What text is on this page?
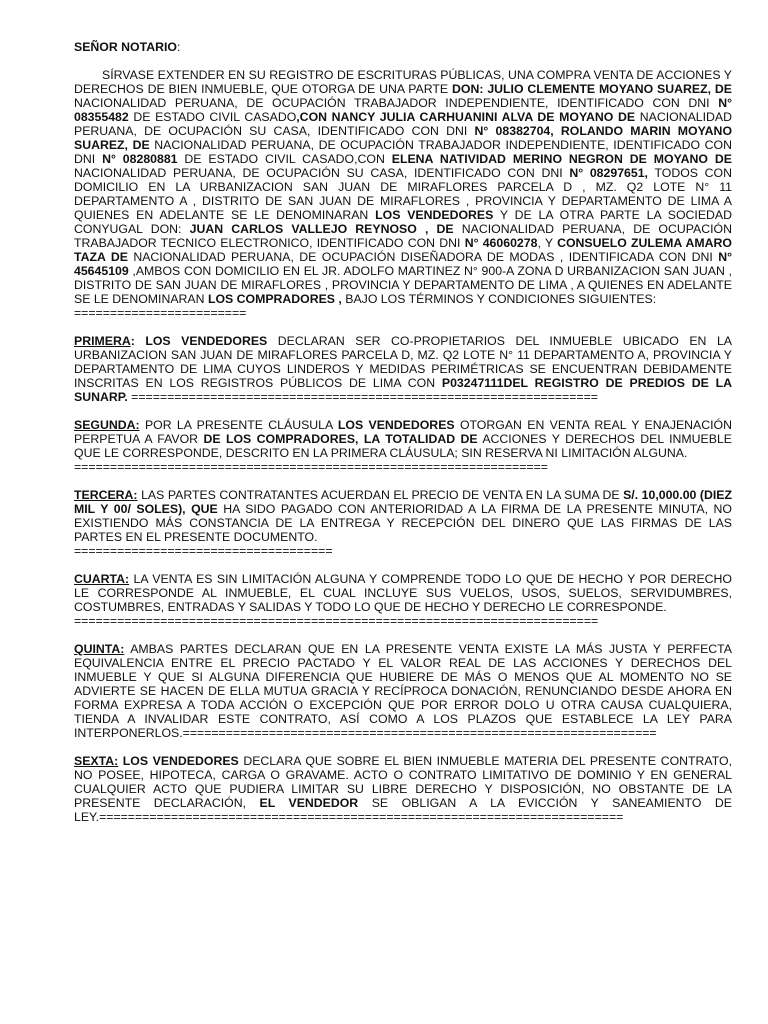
SEÑOR NOTARIO:

SÍRVASE EXTENDER EN SU REGISTRO DE ESCRITURAS PÚBLICAS, UNA COMPRA VENTA DE ACCIONES Y DERECHOS DE BIEN INMUEBLE, QUE OTORGA DE UNA PARTE DON: JULIO CLEMENTE MOYANO SUAREZ, DE NACIONALIDAD PERUANA, DE OCUPACIÓN TRABAJADOR INDEPENDIENTE, IDENTIFICADO CON DNI N° 08355482 DE ESTADO CIVIL CASADO,CON NANCY JULIA CARHUANINI ALVA DE MOYANO DE NACIONALIDAD PERUANA, DE OCUPACIÓN SU CASA, IDENTIFICADO CON DNI N° 08382704, ROLANDO MARIN MOYANO SUAREZ, DE NACIONALIDAD PERUANA, DE OCUPACIÓN TRABAJADOR INDEPENDIENTE, IDENTIFICADO CON DNI N° 08280881 DE ESTADO CIVIL CASADO,CON ELENA NATIVIDAD MERINO NEGRON DE MOYANO DE NACIONALIDAD PERUANA, DE OCUPACIÓN SU CASA, IDENTIFICADO CON DNI N° 08297651, TODOS CON DOMICILIO EN LA URBANIZACION SAN JUAN DE MIRAFLORES PARCELA D , MZ. Q2 LOTE N° 11 DEPARTAMENTO A , DISTRITO DE SAN JUAN DE MIRAFLORES , PROVINCIA Y DEPARTAMENTO DE LIMA A QUIENES EN ADELANTE SE LE DENOMINARAN LOS VENDEDORES Y DE LA OTRA PARTE LA SOCIEDAD CONYUGAL DON: JUAN CARLOS VALLEJO REYNOSO , DE NACIONALIDAD PERUANA, DE OCUPACIÓN TRABAJADOR TECNICO ELECTRONICO, IDENTIFICADO CON DNI N° 46060278, Y CONSUELO ZULEMA AMARO TAZA DE NACIONALIDAD PERUANA, DE OCUPACIÓN DISEÑADORA DE MODAS , IDENTIFICADA CON DNI N° 45645109 ,AMBOS CON DOMICILIO EN EL JR. ADOLFO MARTINEZ N° 900-A ZONA D URBANIZACION SAN JUAN , DISTRITO DE SAN JUAN DE MIRAFLORES , PROVINCIA Y DEPARTAMENTO DE LIMA , A QUIENES EN ADELANTE SE LE DENOMINARAN LOS COMPRADORES , BAJO LOS TÉRMINOS Y CONDICIONES SIGUIENTES:
========================

PRIMERA: LOS VENDEDORES DECLARAN SER CO-PROPIETARIOS DEL INMUEBLE UBICADO EN LA URBANIZACION SAN JUAN DE MIRAFLORES PARCELA D, MZ. Q2 LOTE N° 11 DEPARTAMENTO A, PROVINCIA Y DEPARTAMENTO DE LIMA CUYOS LINDEROS Y MEDIDAS PERIMÉTRICAS SE ENCUENTRAN DEBIDAMENTE INSCRITAS EN LOS REGISTROS PÚBLICOS DE LIMA CON P03247111DEL REGISTRO DE PREDIOS DE LA SUNARP. =================================================================

SEGUNDA: POR LA PRESENTE CLÁUSULA LOS VENDEDORES OTORGAN EN VENTA REAL Y ENAJENACIÓN PERPETUA A FAVOR DE LOS COMPRADORES, LA TOTALIDAD DE ACCIONES Y DERECHOS DEL INMUEBLE QUE LE CORRESPONDE, DESCRITO EN LA PRIMERA CLÁUSULA; SIN RESERVA NI LIMITACIÓN ALGUNA.
==================================================================

TERCERA: LAS PARTES CONTRATANTES ACUERDAN EL PRECIO DE VENTA EN LA SUMA DE S/. 10,000.00 (DIEZ MIL Y 00/ SOLES), QUE HA SIDO PAGADO CON ANTERIORIDAD A LA FIRMA DE LA PRESENTE MINUTA, NO EXISTIENDO MÁS CONSTANCIA DE LA ENTREGA Y RECEPCIÓN DEL DINERO QUE LAS FIRMAS DE LAS PARTES EN EL PRESENTE DOCUMENTO.
====================================

CUARTA: LA VENTA ES SIN LIMITACIÓN ALGUNA Y COMPRENDE TODO LO QUE DE HECHO Y POR DERECHO LE CORRESPONDE AL INMUEBLE, EL CUAL INCLUYE SUS VUELOS, USOS, SUELOS, SERVIDUMBRES, COSTUMBRES, ENTRADAS Y SALIDAS Y TODO LO QUE DE HECHO Y DERECHO LE CORRESPONDE.
=========================================================================

QUINTA: AMBAS PARTES DECLARAN QUE EN LA PRESENTE VENTA EXISTE LA MÁS JUSTA Y PERFECTA EQUIVALENCIA ENTRE EL PRECIO PACTADO Y EL VALOR REAL DE LAS ACCIONES Y DERECHOS DEL INMUEBLE Y QUE SI ALGUNA DIFERENCIA QUE HUBIERE DE MÁS O MENOS QUE AL MOMENTO NO SE ADVIERTE SE HACEN DE ELLA MUTUA GRACIA Y RECÍPROCA DONACIÓN, RENUNCIANDO DESDE AHORA EN FORMA EXPRESA A TODA ACCIÓN O EXCEPCIÓN QUE POR ERROR DOLO U OTRA CAUSA CUALQUIERA, TIENDA A INVALIDAR ESTE CONTRATO, ASÍ COMO A LOS PLAZOS QUE ESTABLECE LA LEY PARA INTERPONERLOS.==================================================================

SEXTA: LOS VENDEDORES DECLARA QUE SOBRE EL BIEN INMUEBLE MATERIA DEL PRESENTE CONTRATO, NO POSEE, HIPOTECA, CARGA O GRAVAME. ACTO O CONTRATO LIMITATIVO DE DOMINIO Y EN GENERAL CUALQUIER ACTO QUE PUDIERA LIMITAR SU LIBRE DERECHO Y DISPOSICIÓN, NO OBSTANTE DE LA PRESENTE DECLARACIÓN, EL VENDEDOR SE OBLIGAN A LA EVICCIÓN Y SANEAMIENTO DE LEY.=========================================================================
